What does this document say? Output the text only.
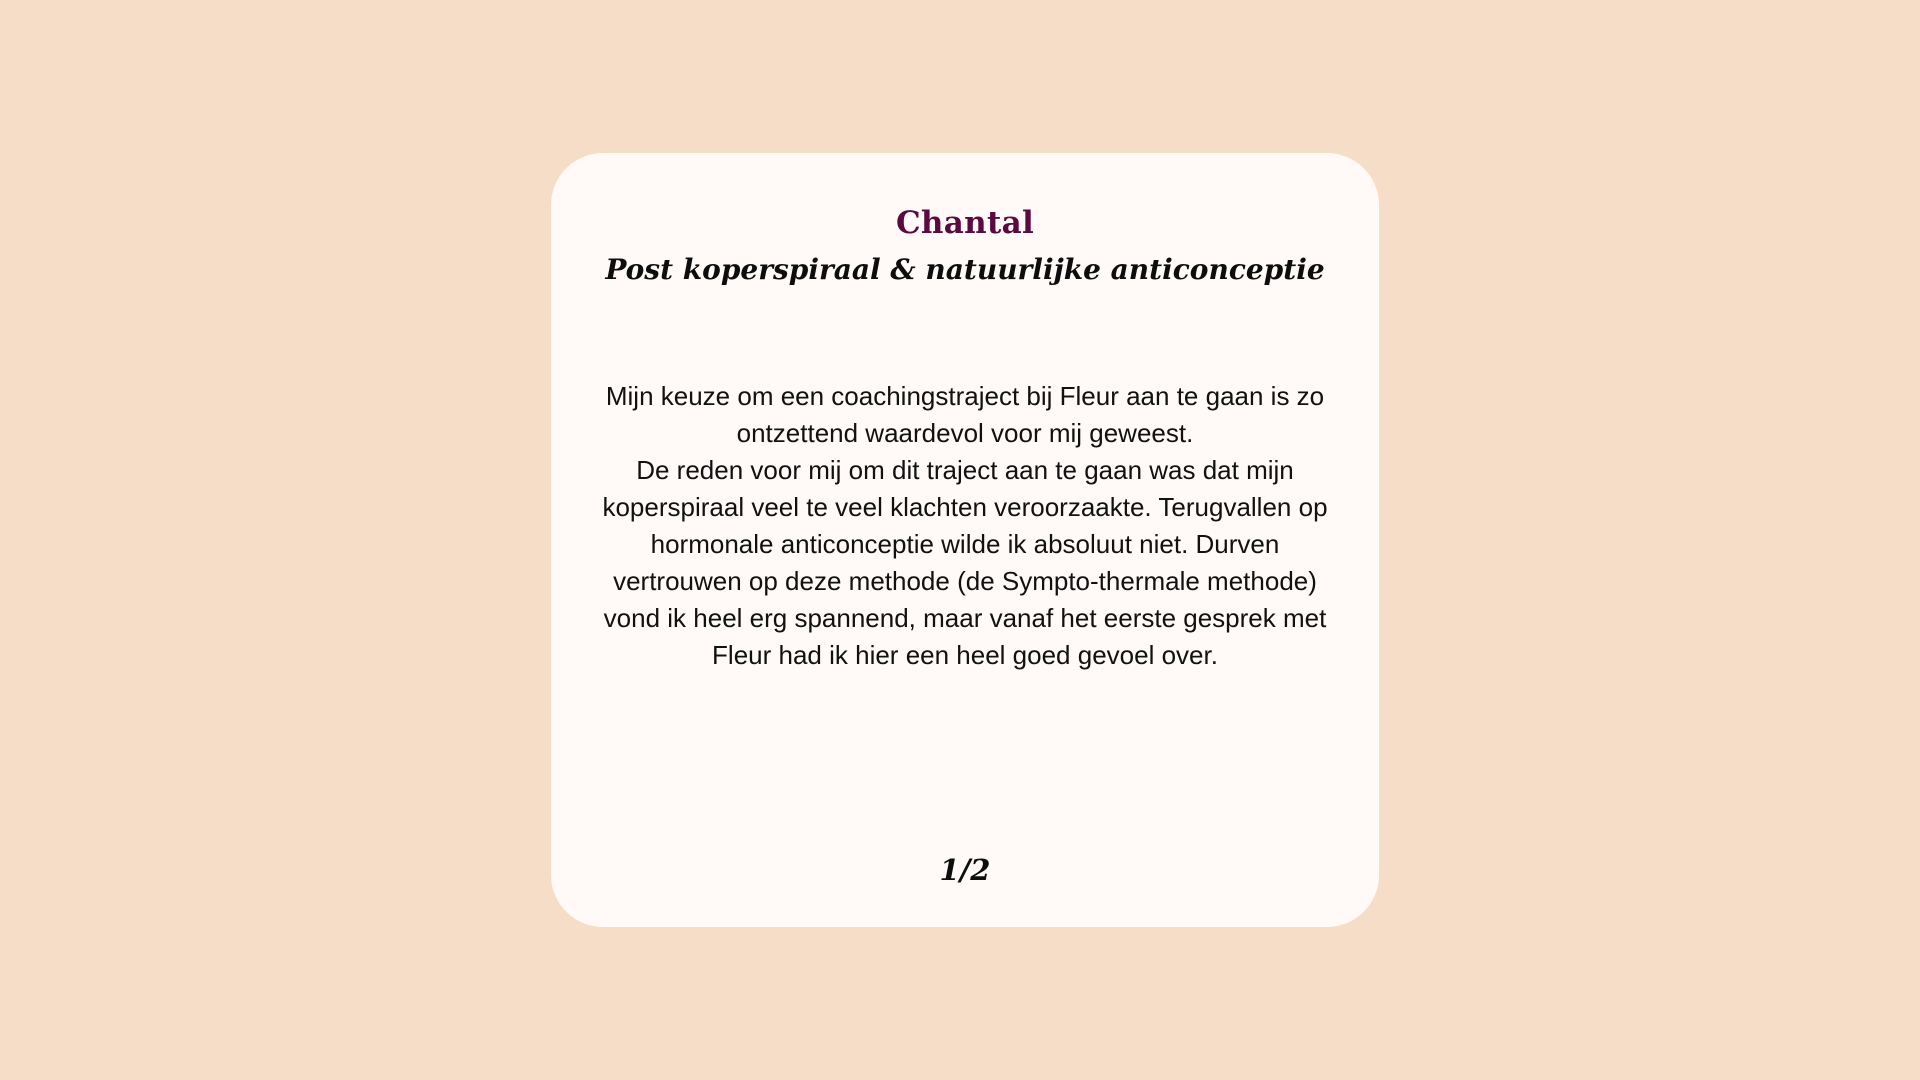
Chantal
Post koperspiraal & natuurlijke anticonceptie
Mijn keuze om een coachingstraject bij Fleur aan te gaan is zo ontzettend waardevol voor mij geweest.
De reden voor mij om dit traject aan te gaan was dat mijn koperspiraal veel te veel klachten veroorzaakte. Terugvallen op hormonale anticonceptie wilde ik absoluut niet. Durven vertrouwen op deze methode (de Sympto-thermale methode) vond ik heel erg spannend, maar vanaf het eerste gesprek met Fleur had ik hier een heel goed gevoel over.
1/2
